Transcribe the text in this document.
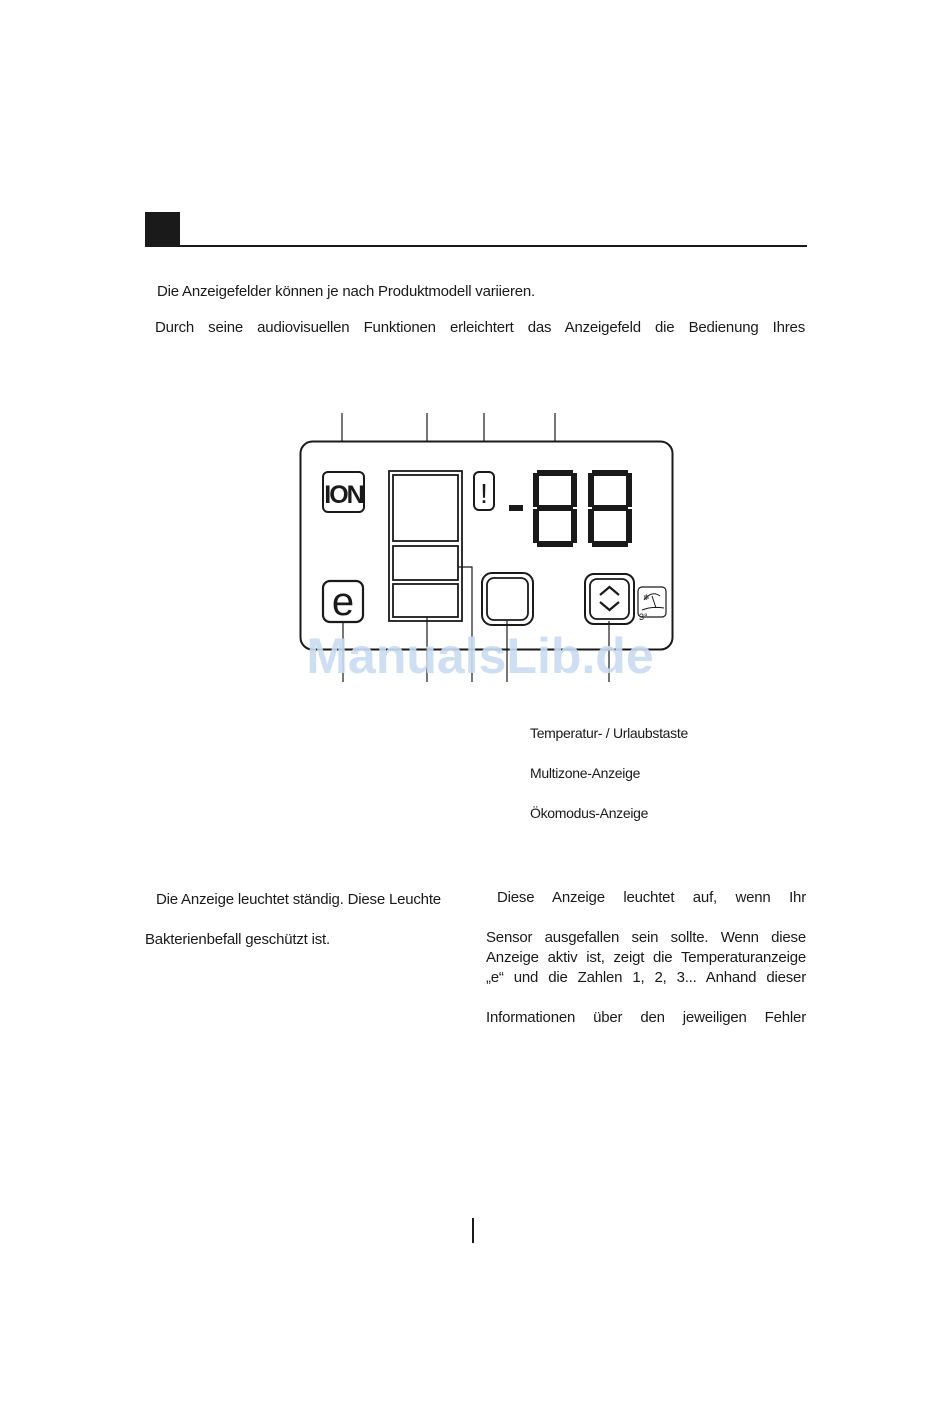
Die Anzeigefelder können je nach Produktmodell variieren.
Durch seine audiovisuellen Funktionen erleichtert das Anzeigefeld die Bedienung Ihres
ION	!
e	❄
3°
ManualsLib.de
Temperatur- / Urlaubstaste
Multizone-Anzeige
Ökomodus-Anzeige
Die Anzeige leuchtet ständig. Diese Leuchte
Bakterienbefall geschützt ist.
Diese Anzeige leuchtet auf, wenn Ihr
Sensor ausgefallen sein sollte. Wenn diese
Anzeige aktiv ist, zeigt die Temperaturanzeige
„e“ und die Zahlen 1, 2, 3... Anhand dieser
Informationen über den jeweiligen Fehler
